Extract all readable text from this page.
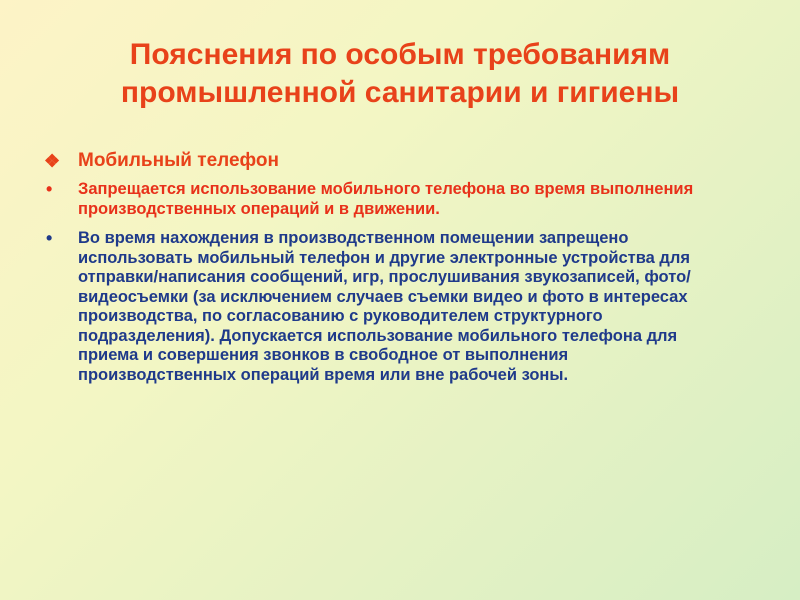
Пояснения по особым требованиям
промышленной санитарии и гигиены
❖ Мобильный телефон
• Запрещается использование мобильного телефона во время выполнения производственных операций и в движении.
• Во время нахождения в производственном помещении запрещено использовать мобильный телефон и другие электронные устройства для отправки/написания сообщений, игр, прослушивания звукозаписей, фото/видеосъемки (за исключением случаев съемки видео и фото в интересах производства, по согласованию с руководителем структурного подразделения). Допускается использование мобильного телефона для приема и совершения звонков в свободное от выполнения производственных операций время или вне рабочей зоны.
